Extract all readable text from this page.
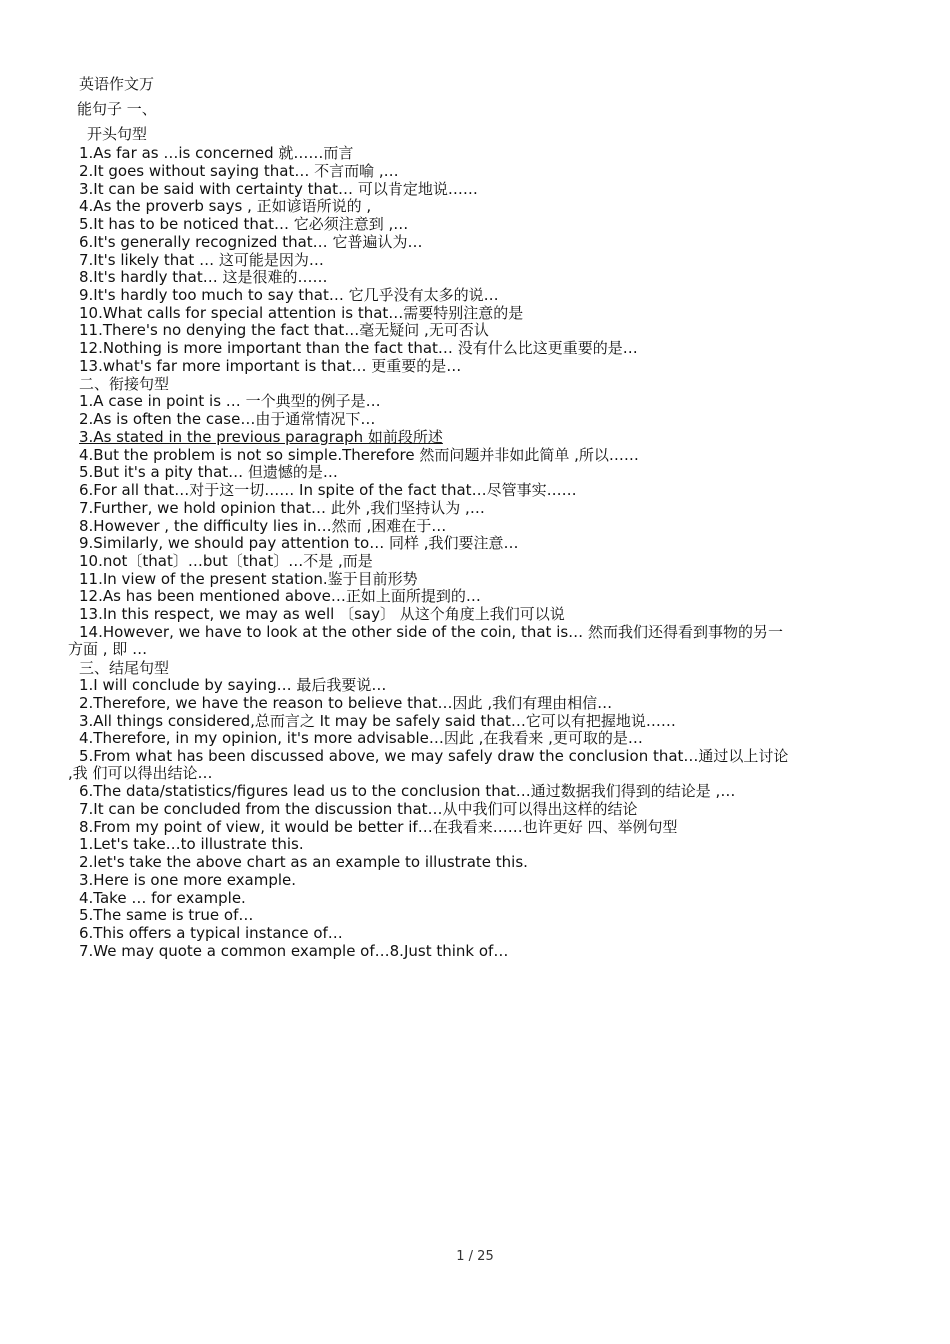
英语作文万
能句子 一、
开头句型
1.As far as …is concerned 就……而言
2.It goes without saying that… 不言而喻 ,…
3.It can be said with certainty that… 可以肯定地说……
4.As the proverb says , 正如谚语所说的 ,
5.It has to be noticed that… 它必须注意到 ,…
6.It's generally recognized that… 它普遍认为…
7.It's likely that … 这可能是因为…
8.It's hardly that… 这是很难的……
9.It's hardly too much to say that… 它几乎没有太多的说…
10.What calls for special attention is that…需要特别注意的是
11.There's no denying the fact that…毫无疑问 ,无可否认
12.Nothing is more important than the fact that… 没有什么比这更重要的是…
13.what's far more important is that… 更重要的是…
二、衔接句型
1.A case in point is … 一个典型的例子是…
2.As is often the case…由于通常情况下…
3.As stated in the previous paragraph 如前段所述
4.But the problem is not so simple.Therefore 然而问题并非如此简单 ,所以……
5.But it's a pity that… 但遗憾的是…
6.For all that…对于这一切…… In spite of the fact that…尽管事实……
7.Further, we hold opinion that… 此外 ,我们坚持认为 ,…
8.However , the difficulty lies in…然而 ,困难在于…
9.Similarly, we should pay attention to… 同样 ,我们要注意…
10.not〔that〕…but〔that〕…不是 ,而是
11.In view of the present station.鉴于目前形势
12.As has been mentioned above…正如上面所提到的…
13.In this respect, we may as well 〔say〕 从这个角度上我们可以说
14.However, we have to look at the other side of the coin, that is… 然而我们还得看到事物的另一
方面 , 即 …
三、结尾句型
1.I will conclude by saying… 最后我要说…
2.Therefore, we have the reason to believe that…因此 ,我们有理由相信…
3.All things considered,总而言之 It may be safely said that…它可以有把握地说……
4.Therefore, in my opinion, it's more advisable…因此 ,在我看来 ,更可取的是…
5.From what has been discussed above, we may safely draw the conclusion that…通过以上讨论
,我 们可以得出结论…
6.The data/statistics/figures lead us to the conclusion that…通过数据我们得到的结论是 ,…
7.It can be concluded from the discussion that…从中我们可以得出这样的结论
8.From my point of view, it would be better if…在我看来……也许更好 四、举例句型
1.Let's take…to illustrate this.
2.let's take the above chart as an example to illustrate this.
3.Here is one more example.
4.Take … for example.
5.The same is true of…
6.This offers a typical instance of…
7.We may quote a common example of…8.Just think of…
1 / 25
